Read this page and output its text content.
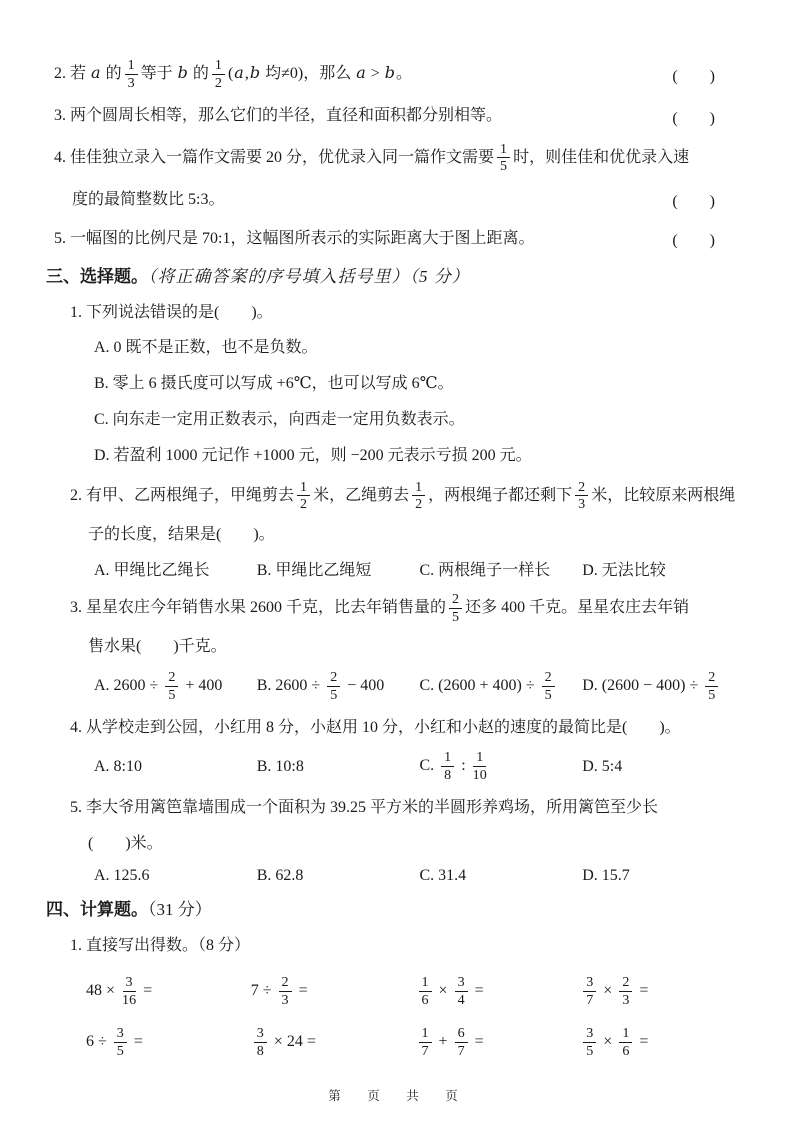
2. 若 a 的 $\frac{1}{3}$ 等于 b 的 $\frac{1}{2} (a,b$ 均≠0)，那么 a > b。	(　　)
3. 两个圆周长相等，那么它们的半径，直径和面积都分别相等。	(　　)
4. 佳佳独立录入一篇作文需要 20 分，优优录入同一篇作文需要 $\frac{1}{5}$ 时，则佳佳和优优录入速
度的最简整数比 5:3。	(　　)
5. 一幅图的比例尺是 70:1，这幅图所表示的实际距离大于图上距离。	(　　)
三、选择题。（将正确答案的序号填入括号里）（5 分）
1. 下列说法错误的是(　　)。
A. 0 既不是正数，也不是负数。
B. 零上 6 摄氏度可以写成 +6℃，也可以写成 6℃。
C. 向东走一定用正数表示，向西走一定用负数表示。
D. 若盈利 1000 元记作 +1000 元，则 −200 元表示亏损 200 元。
2. 有甲、乙两根绳子，甲绳剪去 $\frac{1}{2}$ 米，乙绳剪去 $\frac{1}{2}$ ，两根绳子都还剩下 $\frac{2}{3}$ 米，比较原来两根绳
子的长度，结果是(　　)。
A. 甲绳比乙绳长	B. 甲绳比乙绳短	C. 两根绳子一样长	D. 无法比较
3. 星星农庄今年销售水果 2600 千克，比去年销售量的 $\frac{2}{5}$ 还多 400 千克。星星农庄去年销
售水果(　　)千克。
A. $2600 \div \frac{2}{5} + 400$	B. $2600 \div \frac{2}{5} - 400$	C. $(2600 + 400) \div \frac{2}{5} D$. $(2600 - 400) \div \frac{2}{5}$
4. 从学校走到公园，小红用 8 分，小赵用 10 分，小红和小赵的速度的最简比是(　　)。
A. 8:10	B. 10:8	C. $\frac{1}{8}$ : $\frac{1}{10}$	D. 5:4
5. 李大爷用篱笆靠墙围成一个面积为 39.25 平方米的半圆形养鸡场，所用篱笆至少长
(　　)米。
A. 125.6	B. 62.8	C. 31.4	D. 15.7
四、计算题。（31 分）
1. 直接写出得数。（8 分）
$48 \times \frac{3}{16}$ =	$7 \div \frac{2}{3}$ =	$\frac{1}{6} \times \frac{3}{4}$ =	$\frac{3}{7} \times \frac{2}{3}$ =
$6 \div \frac{3}{5}$ =	$\frac{3}{8} \times 24$ =	$\frac{1}{7} + \frac{6}{7}$ =	$\frac{3}{5} \times \frac{1}{6}$ =
第　页　共　页
